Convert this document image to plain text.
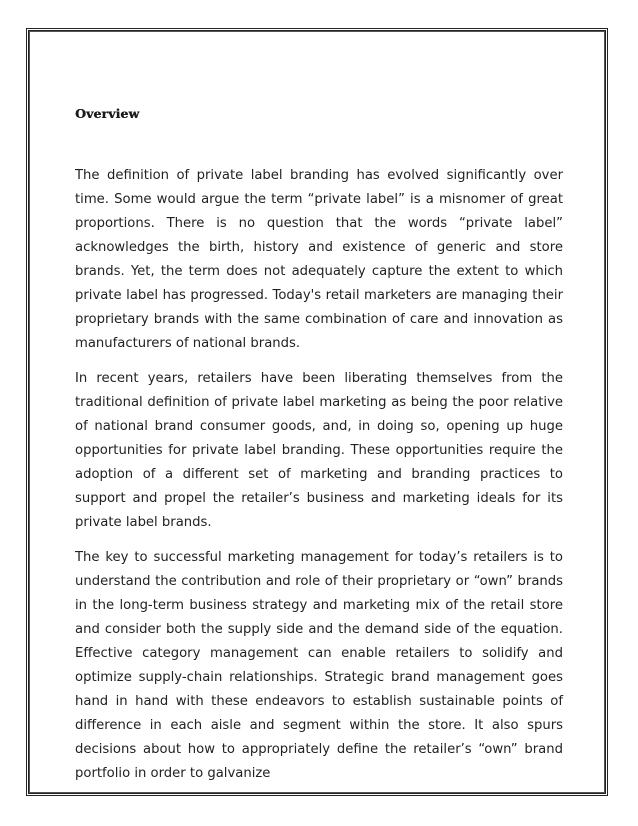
Overview

The definition of private label branding has evolved significantly over time. Some would argue the term “private label” is a misnomer of great proportions. There is no question that the words “private label” acknowledges the birth, history and existence of generic and store brands. Yet, the term does not adequately capture the extent to which private label has progressed. Today's retail marketers are managing their proprietary brands with the same combination of care and innovation as manufacturers of national brands.

In recent years, retailers have been liberating themselves from the traditional definition of private label marketing as being the poor relative of national brand consumer goods, and, in doing so, opening up huge opportunities for private label branding. These opportunities require the adoption of a different set of marketing and branding practices to support and propel the retailer’s business and marketing ideals for its private label brands.

The key to successful marketing management for today’s retailers is to understand the contribution and role of their proprietary or “own” brands in the long-term business strategy and marketing mix of the retail store and consider both the supply side and the demand side of the equation. Effective category management can enable retailers to solidify and optimize supply-chain relationships. Strategic brand management goes hand in hand with these endeavors to establish sustainable points of difference in each aisle and segment within the store. It also spurs decisions about how to appropriately define the retailer’s “own” brand portfolio in order to galvanize
